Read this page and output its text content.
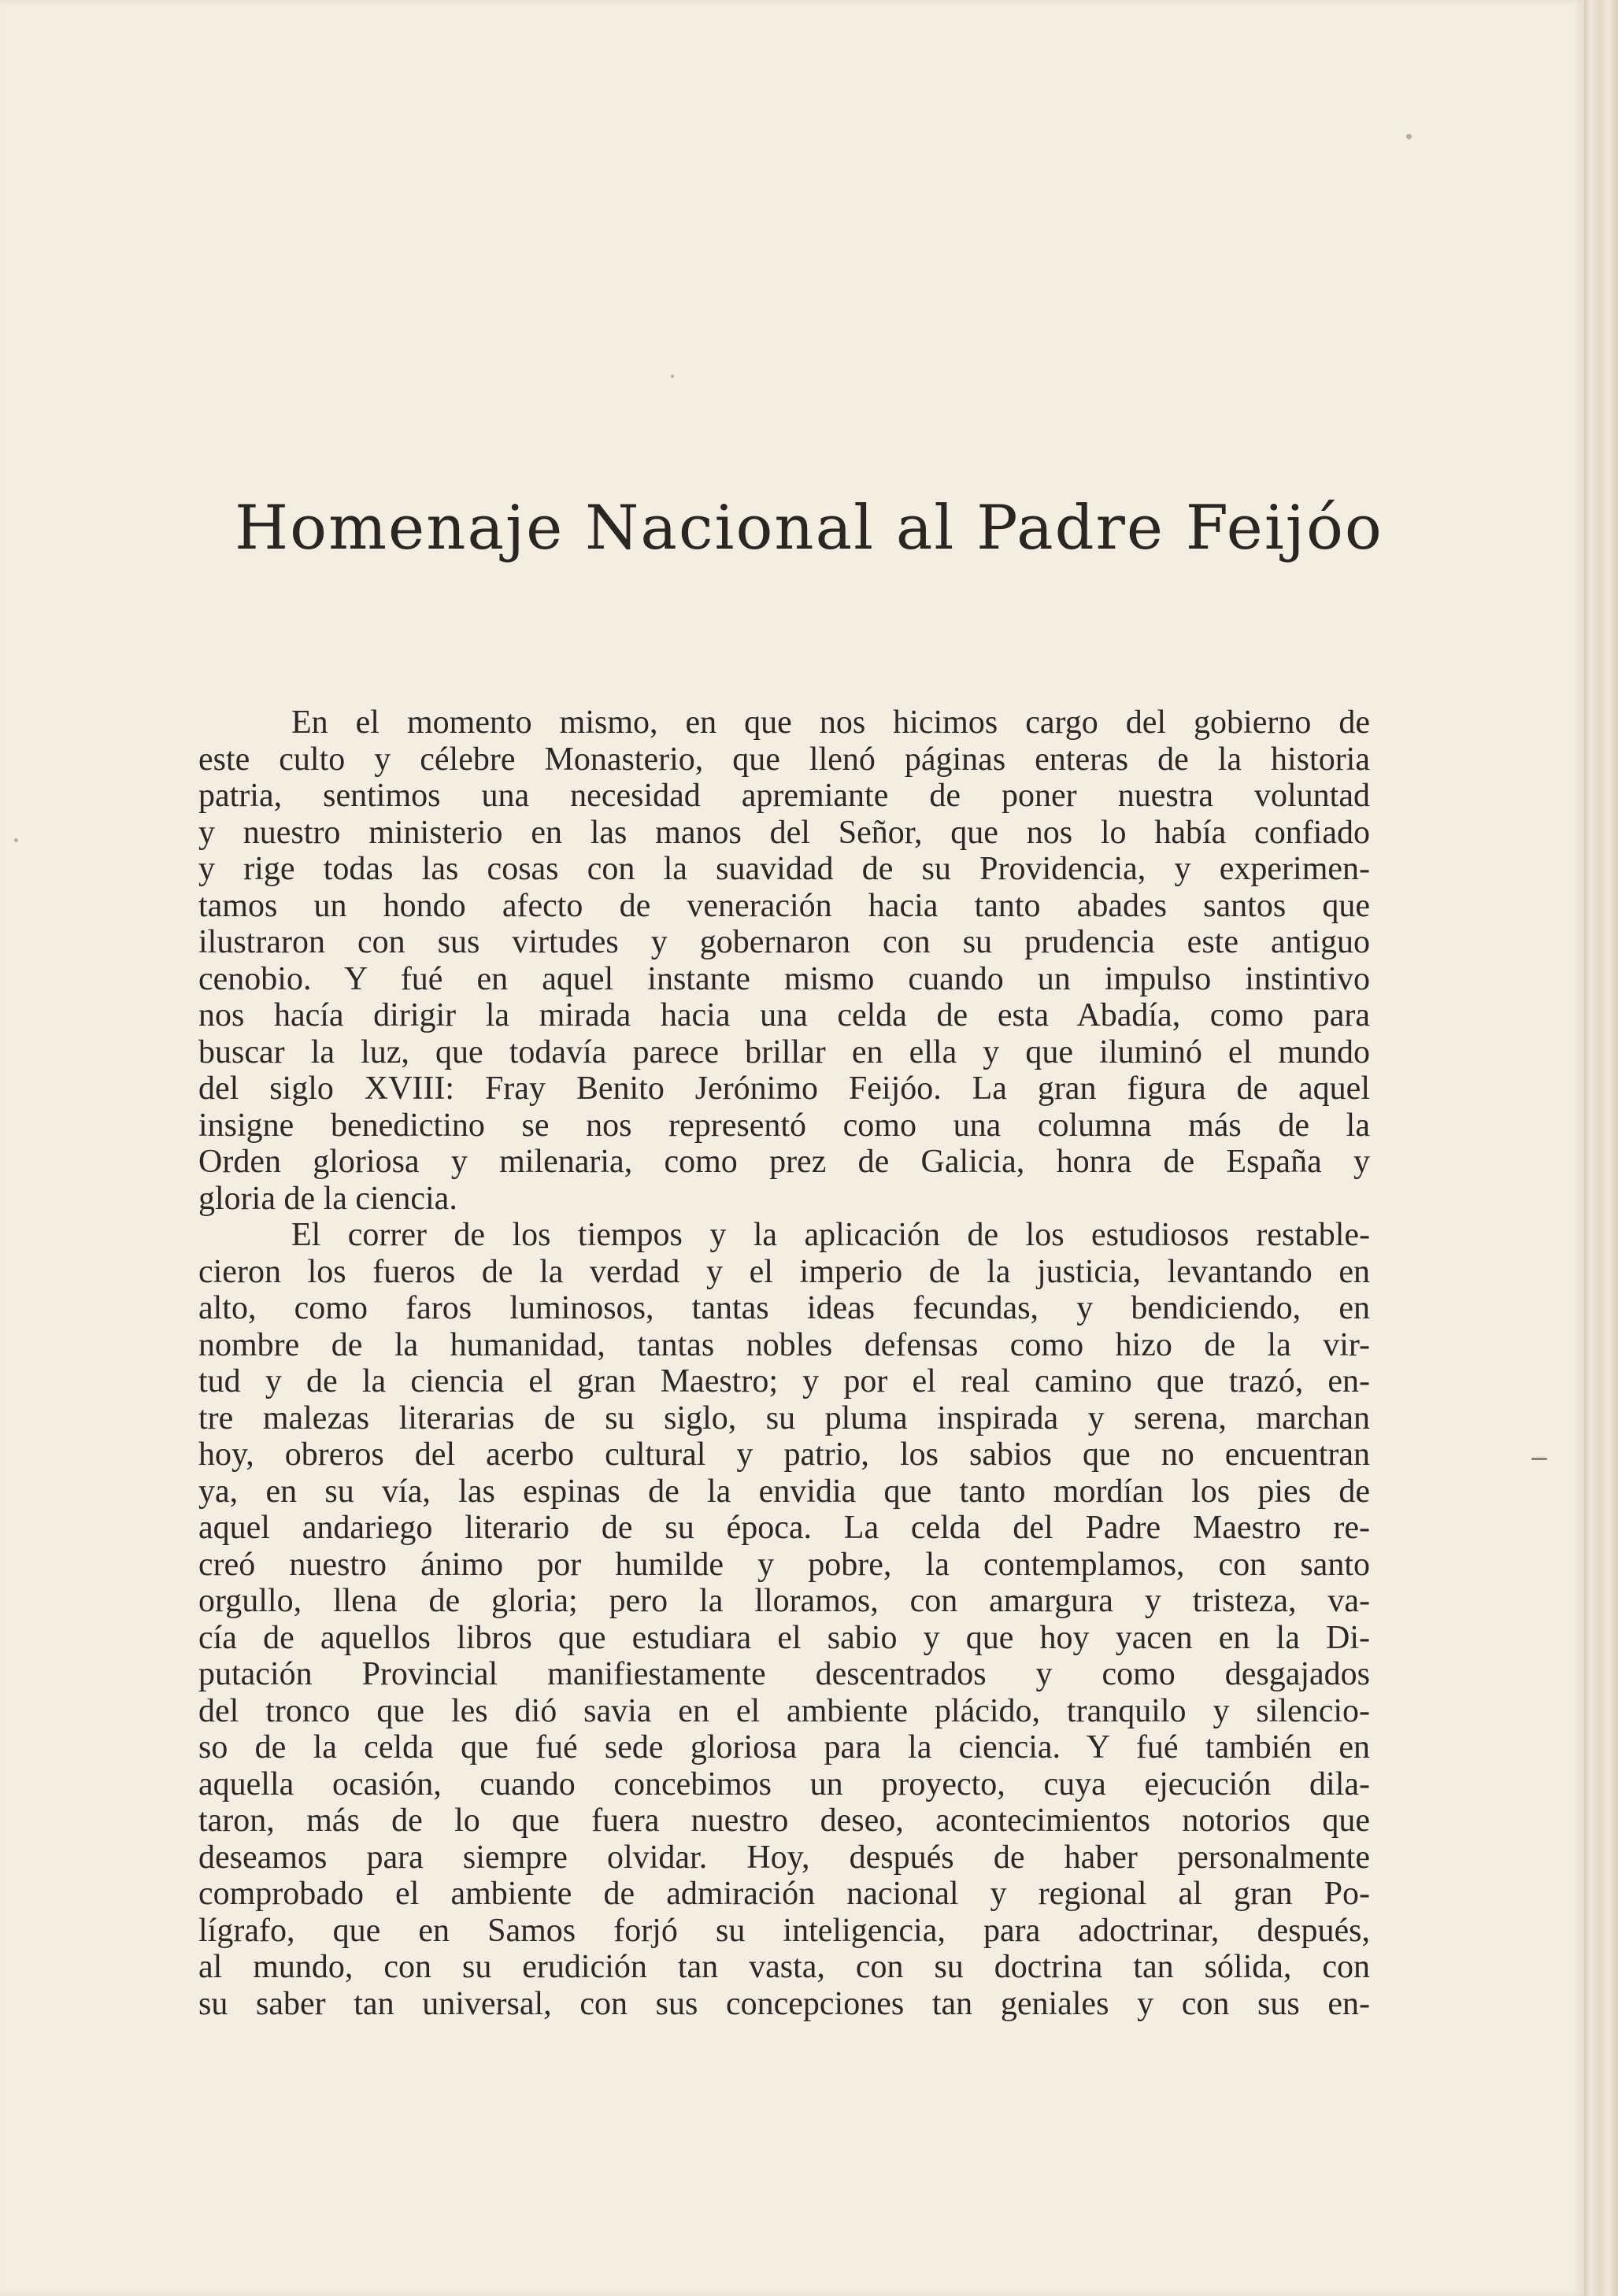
Homenaje Nacional al Padre Feijóo
En el momento mismo, en que nos hicimos cargo del gobierno de
este culto y célebre Monasterio, que llenó páginas enteras de la historia
patria, sentimos una necesidad apremiante de poner nuestra voluntad
y nuestro ministerio en las manos del Señor, que nos lo había confiado
y rige todas las cosas con la suavidad de su Providencia, y experimen-
tamos un hondo afecto de veneración hacia tanto abades santos que
ilustraron con sus virtudes y gobernaron con su prudencia este antiguo
cenobio. Y fué en aquel instante mismo cuando un impulso instintivo
nos hacía dirigir la mirada hacia una celda de esta Abadía, como para
buscar la luz, que todavía parece brillar en ella y que iluminó el mundo
del siglo XVIII: Fray Benito Jerónimo Feijóo. La gran figura de aquel
insigne benedictino se nos representó como una columna más de la
Orden gloriosa y milenaria, como prez de Galicia, honra de España y
gloria de la ciencia.
El correr de los tiempos y la aplicación de los estudiosos restable-
cieron los fueros de la verdad y el imperio de la justicia, levantando en
alto, como faros luminosos, tantas ideas fecundas, y bendiciendo, en
nombre de la humanidad, tantas nobles defensas como hizo de la vir-
tud y de la ciencia el gran Maestro; y por el real camino que trazó, en-
tre malezas literarias de su siglo, su pluma inspirada y serena, marchan
hoy, obreros del acerbo cultural y patrio, los sabios que no encuentran
ya, en su vía, las espinas de la envidia que tanto mordían los pies de
aquel andariego literario de su época. La celda del Padre Maestro re-
creó nuestro ánimo por humilde y pobre, la contemplamos, con santo
orgullo, llena de gloria; pero la lloramos, con amargura y tristeza, va-
cía de aquellos libros que estudiara el sabio y que hoy yacen en la Di-
putación Provincial manifiestamente descentrados y como desgajados
del tronco que les dió savia en el ambiente plácido, tranquilo y silencio-
so de la celda que fué sede gloriosa para la ciencia. Y fué también en
aquella ocasión, cuando concebimos un proyecto, cuya ejecución dila-
taron, más de lo que fuera nuestro deseo, acontecimientos notorios que
deseamos para siempre olvidar. Hoy, después de haber personalmente
comprobado el ambiente de admiración nacional y regional al gran Po-
lígrafo, que en Samos forjó su inteligencia, para adoctrinar, después,
al mundo, con su erudición tan vasta, con su doctrina tan sólida, con
su saber tan universal, con sus concepciones tan geniales y con sus en-
